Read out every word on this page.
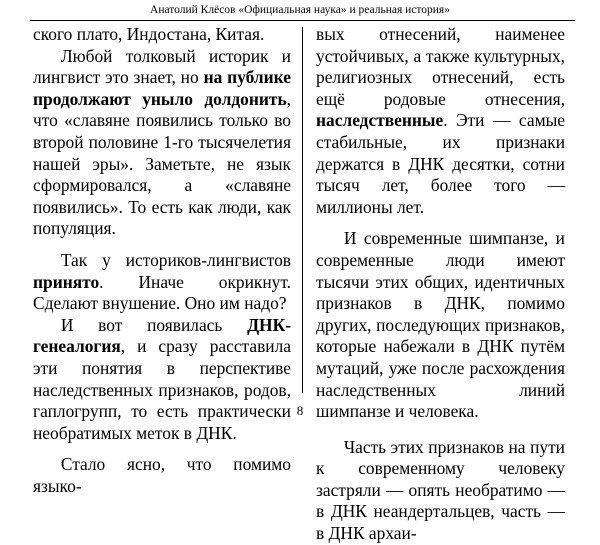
Анатолий Клёсов «Официальная наука» и реальная история»

ского плато, Индостана, Китая.

Любой толковый историк и лингвист это знает, но на публике продолжают уныло долдонить, что «славяне появились только во второй половине 1-го тысячелетия нашей эры». Заметьте, не язык сформировался, а «славяне появились». То есть как люди, как популяция.

Так у историков-лингвистов принято. Иначе окрикнут. Сделают внушение. Оно им надо?

И вот появилась ДНК-генеалогия, и сразу расставила эти понятия в перспективе наследственных признаков, родов, гаплогрупп, то есть практически необратимых меток в ДНК.

Стало ясно, что помимо языко-

вых отнесений, наименее устойчивых, а также культурных, религиозных отнесений, есть ещё родовые отнесения, наследственные. Эти — самые стабильные, их признаки держатся в ДНК десятки, сотни тысяч лет, более того — миллионы лет.

И современные шимпанзе, и современные люди имеют тысячи этих общих, идентичных признаков в ДНК, помимо других, последующих признаков, которые набежали в ДНК путём мутаций, уже после расхождения наследственных линий шимпанзе и человека.

Часть этих признаков на пути к современному человеку застряли — опять необратимо — в ДНК неандертальцев, часть — в ДНК архаи-

8
